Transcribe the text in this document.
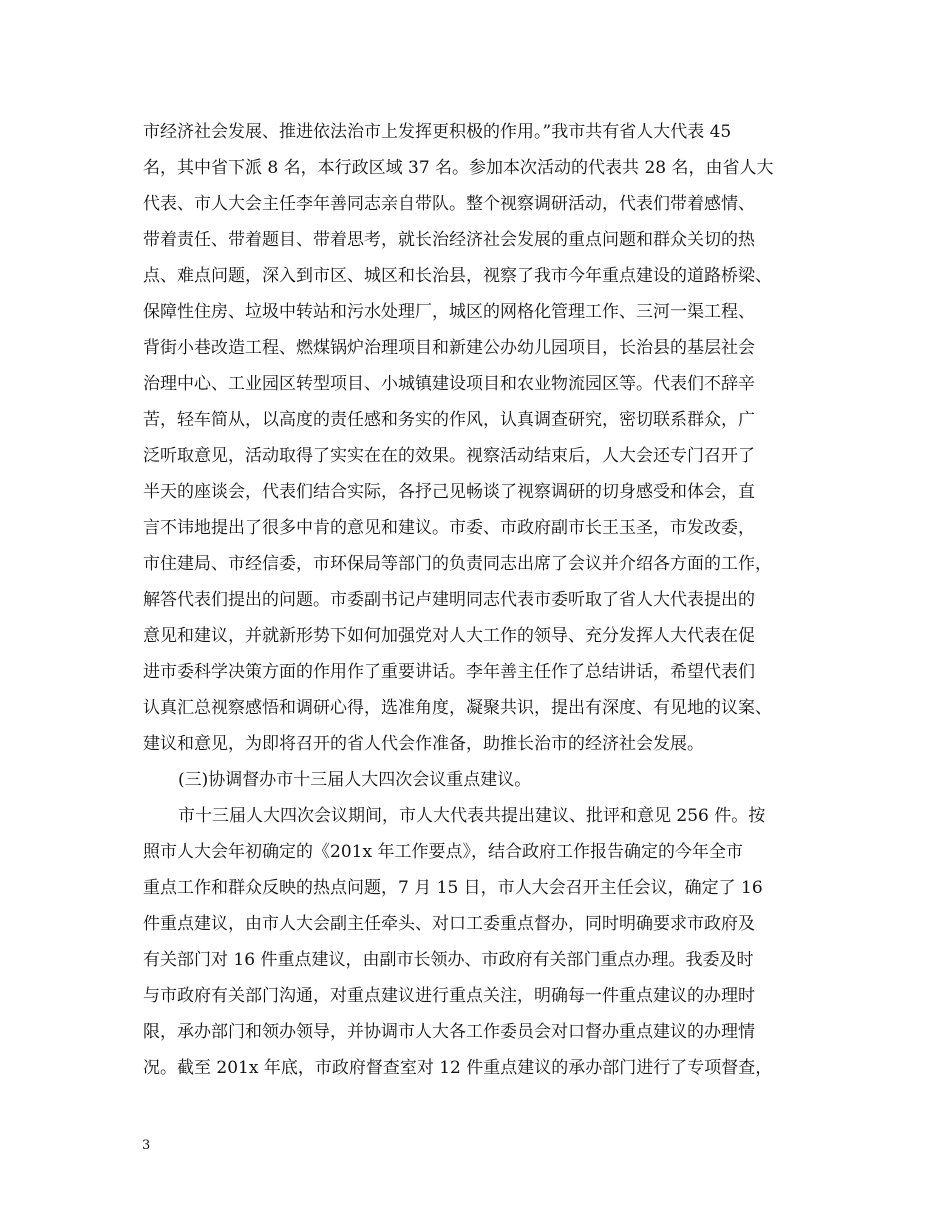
市经济社会发展、推进依法治市上发挥更积极的作用。”我市共有省人大代表 45
名，其中省下派 8 名，本行政区域 37 名。参加本次活动的代表共 28 名，由省人大
代表、市人大会主任李年善同志亲自带队。整个视察调研活动，代表们带着感情、
带着责任、带着题目、带着思考，就长治经济社会发展的重点问题和群众关切的热
点、难点问题，深入到市区、城区和长治县，视察了我市今年重点建设的道路桥梁、
保障性住房、垃圾中转站和污水处理厂，城区的网格化管理工作、三河一渠工程、
背街小巷改造工程、燃煤锅炉治理项目和新建公办幼儿园项目，长治县的基层社会
治理中心、工业园区转型项目、小城镇建设项目和农业物流园区等。代表们不辞辛
苦，轻车简从，以高度的责任感和务实的作风，认真调查研究，密切联系群众，广
泛听取意见，活动取得了实实在在的效果。视察活动结束后，人大会还专门召开了
半天的座谈会，代表们结合实际，各抒己见畅谈了视察调研的切身感受和体会，直
言不讳地提出了很多中肯的意见和建议。市委、市政府副市长王玉圣，市发改委，
市住建局、市经信委，市环保局等部门的负责同志出席了会议并介绍各方面的工作，
解答代表们提出的问题。市委副书记卢建明同志代表市委听取了省人大代表提出的
意见和建议，并就新形势下如何加强党对人大工作的领导、充分发挥人大代表在促
进市委科学决策方面的作用作了重要讲话。李年善主任作了总结讲话，希望代表们
认真汇总视察感悟和调研心得，选准角度，凝聚共识，提出有深度、有见地的议案、
建议和意见，为即将召开的省人代会作准备，助推长治市的经济社会发展。
(三)协调督办市十三届人大四次会议重点建议。
市十三届人大四次会议期间，市人大代表共提出建议、批评和意见 256 件。按
照市人大会年初确定的《201x 年工作要点》，结合政府工作报告确定的今年全市
重点工作和群众反映的热点问题，7 月 15 日，市人大会召开主任会议，确定了 16
件重点建议，由市人大会副主任牵头、对口工委重点督办，同时明确要求市政府及
有关部门对 16 件重点建议，由副市长领办、市政府有关部门重点办理。我委及时
与市政府有关部门沟通，对重点建议进行重点关注，明确每一件重点建议的办理时
限，承办部门和领办领导，并协调市人大各工作委员会对口督办重点建议的办理情
况。截至 201x 年底，市政府督查室对 12 件重点建议的承办部门进行了专项督查，
3
